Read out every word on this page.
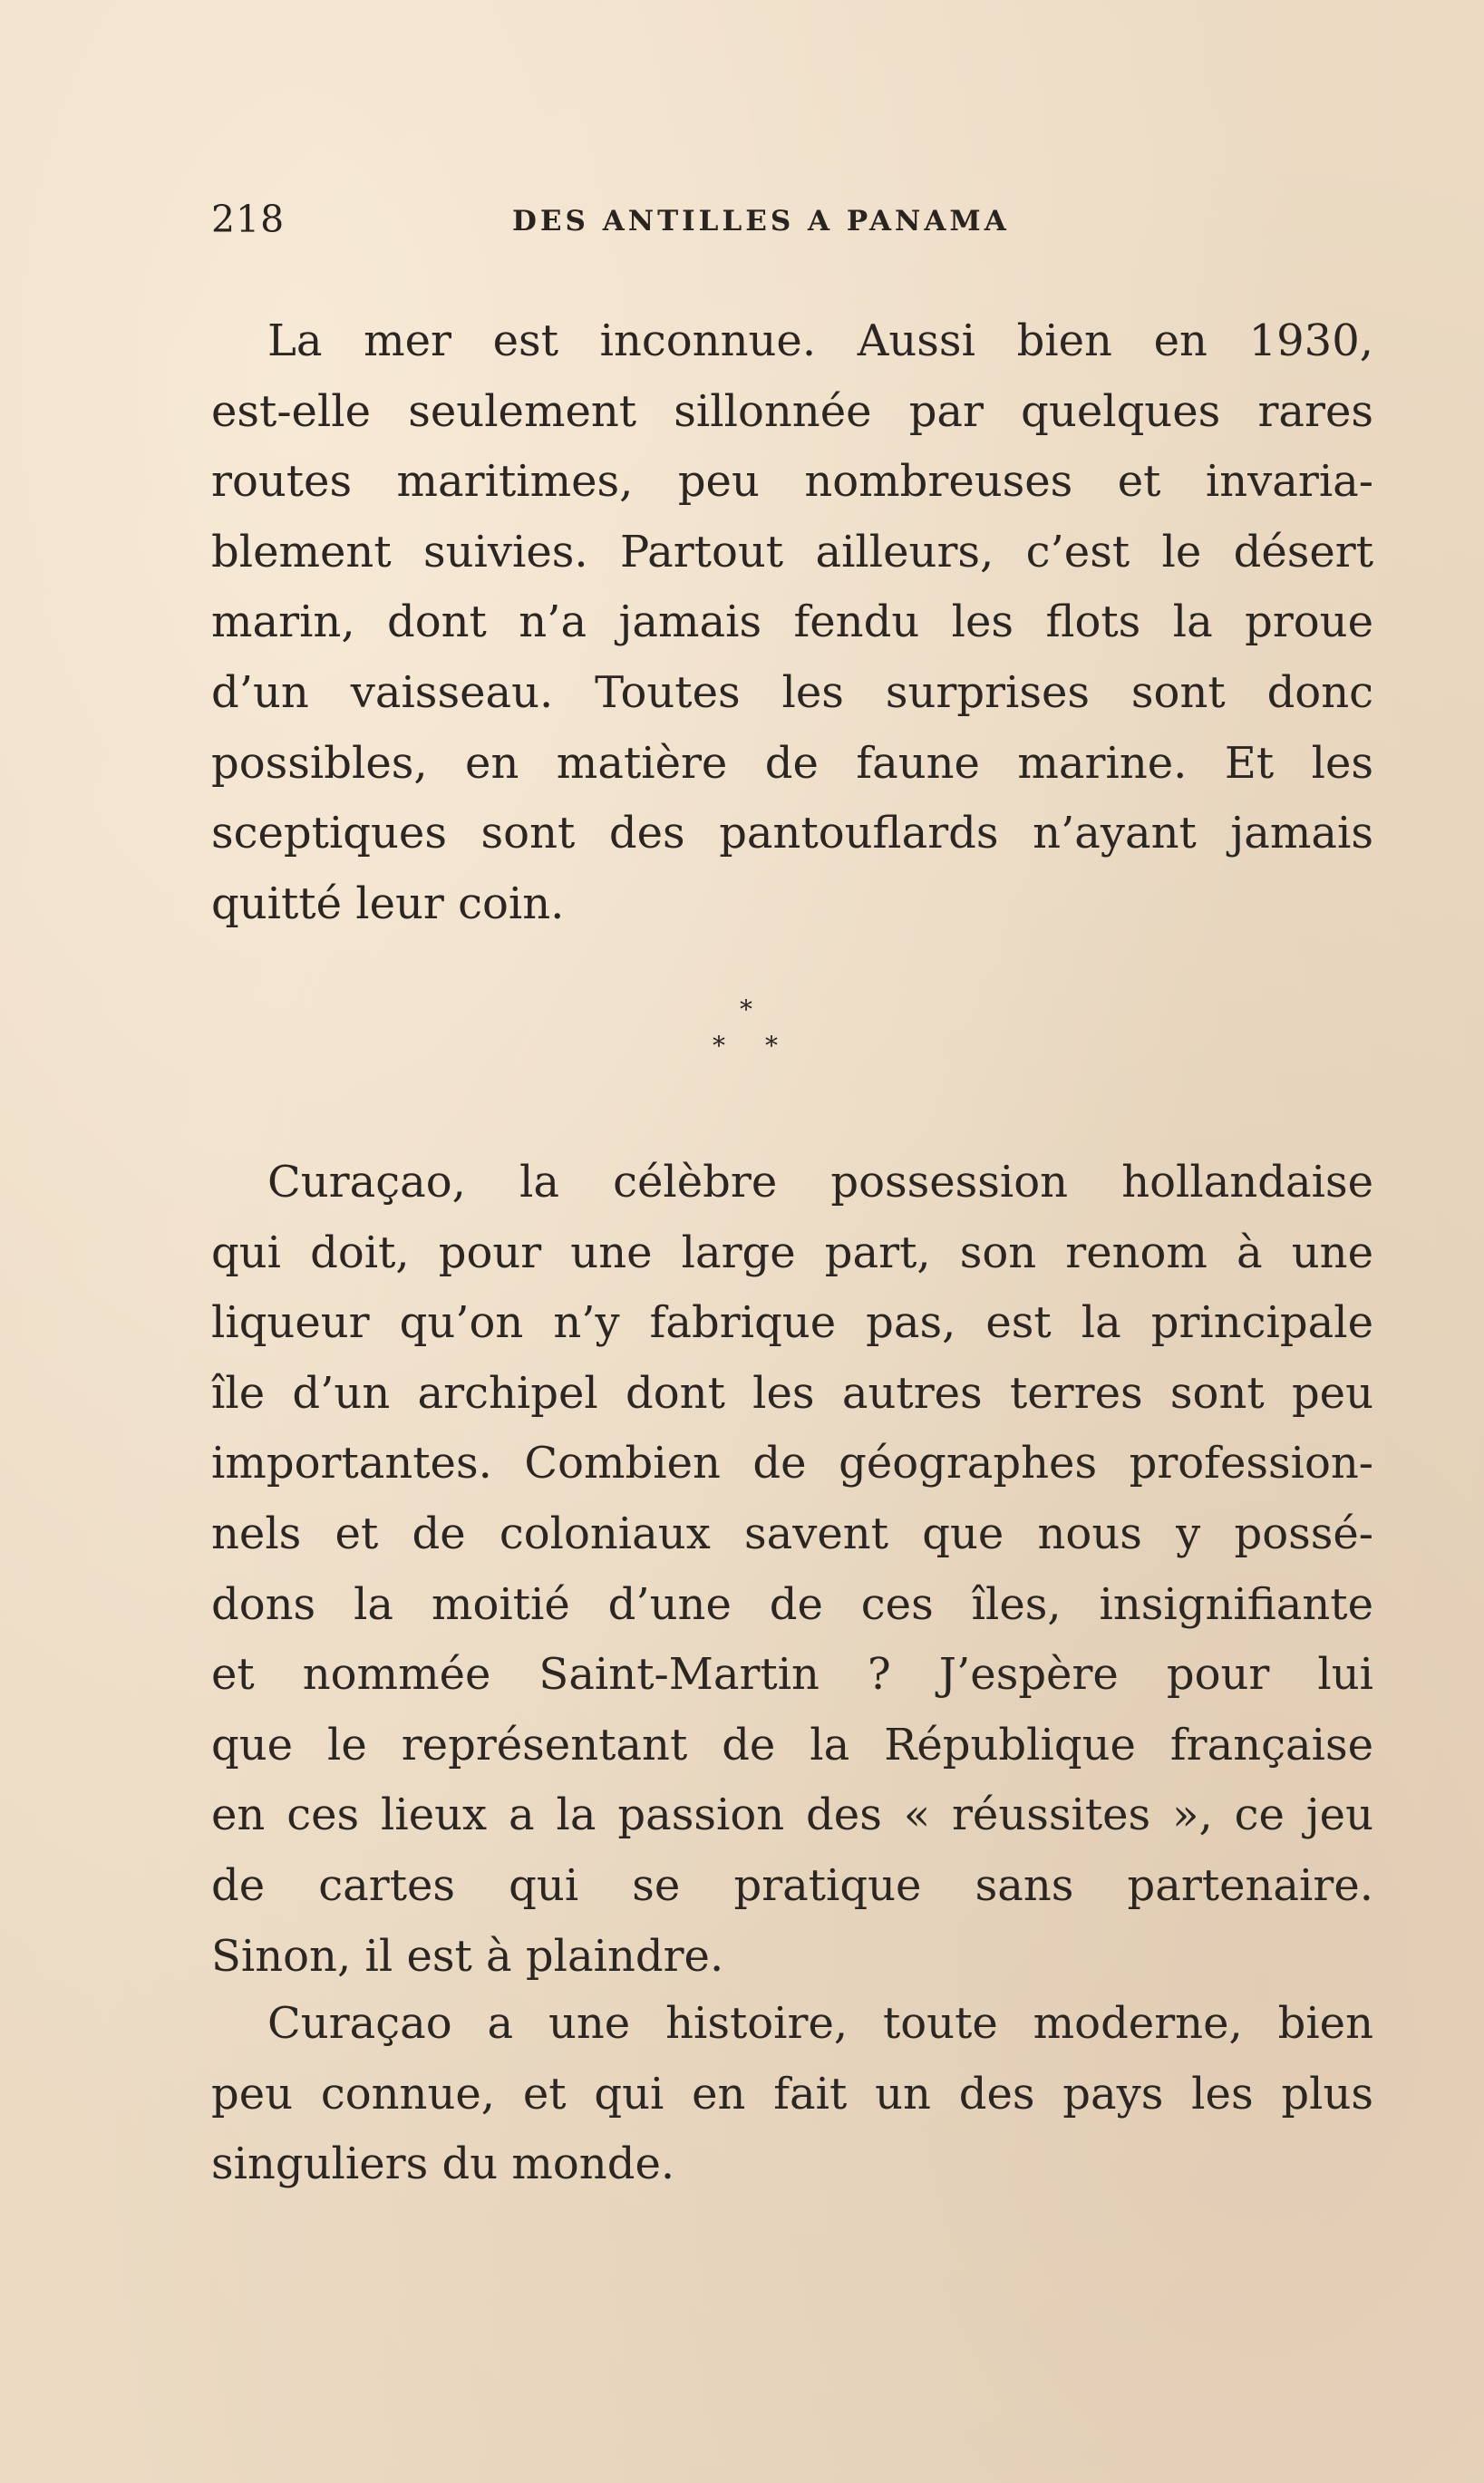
218	DES ANTILLES A PANAMA
La mer est inconnue. Aussi bien en 1930,
est-elle seulement sillonnée par quelques rares
routes maritimes, peu nombreuses et invaria-
blement suivies. Partout ailleurs, c’est le désert
marin, dont n’a jamais fendu les flots la proue
d’un vaisseau. Toutes les surprises sont donc
possibles, en matière de faune marine. Et les
sceptiques sont des pantouflards n’ayant jamais
quitté leur coin.
*
* *
Curaçao, la célèbre possession hollandaise
qui doit, pour une large part, son renom à une
liqueur qu’on n’y fabrique pas, est la principale
île d’un archipel dont les autres terres sont peu
importantes. Combien de géographes profession-
nels et de coloniaux savent que nous y possé-
dons la moitié d’une de ces îles, insignifiante
et nommée Saint-Martin ? J’espère pour lui
que le représentant de la République française
en ces lieux a la passion des « réussites », ce jeu
de cartes qui se pratique sans partenaire.
Sinon, il est à plaindre.
Curaçao a une histoire, toute moderne, bien
peu connue, et qui en fait un des pays les plus
singuliers du monde.
